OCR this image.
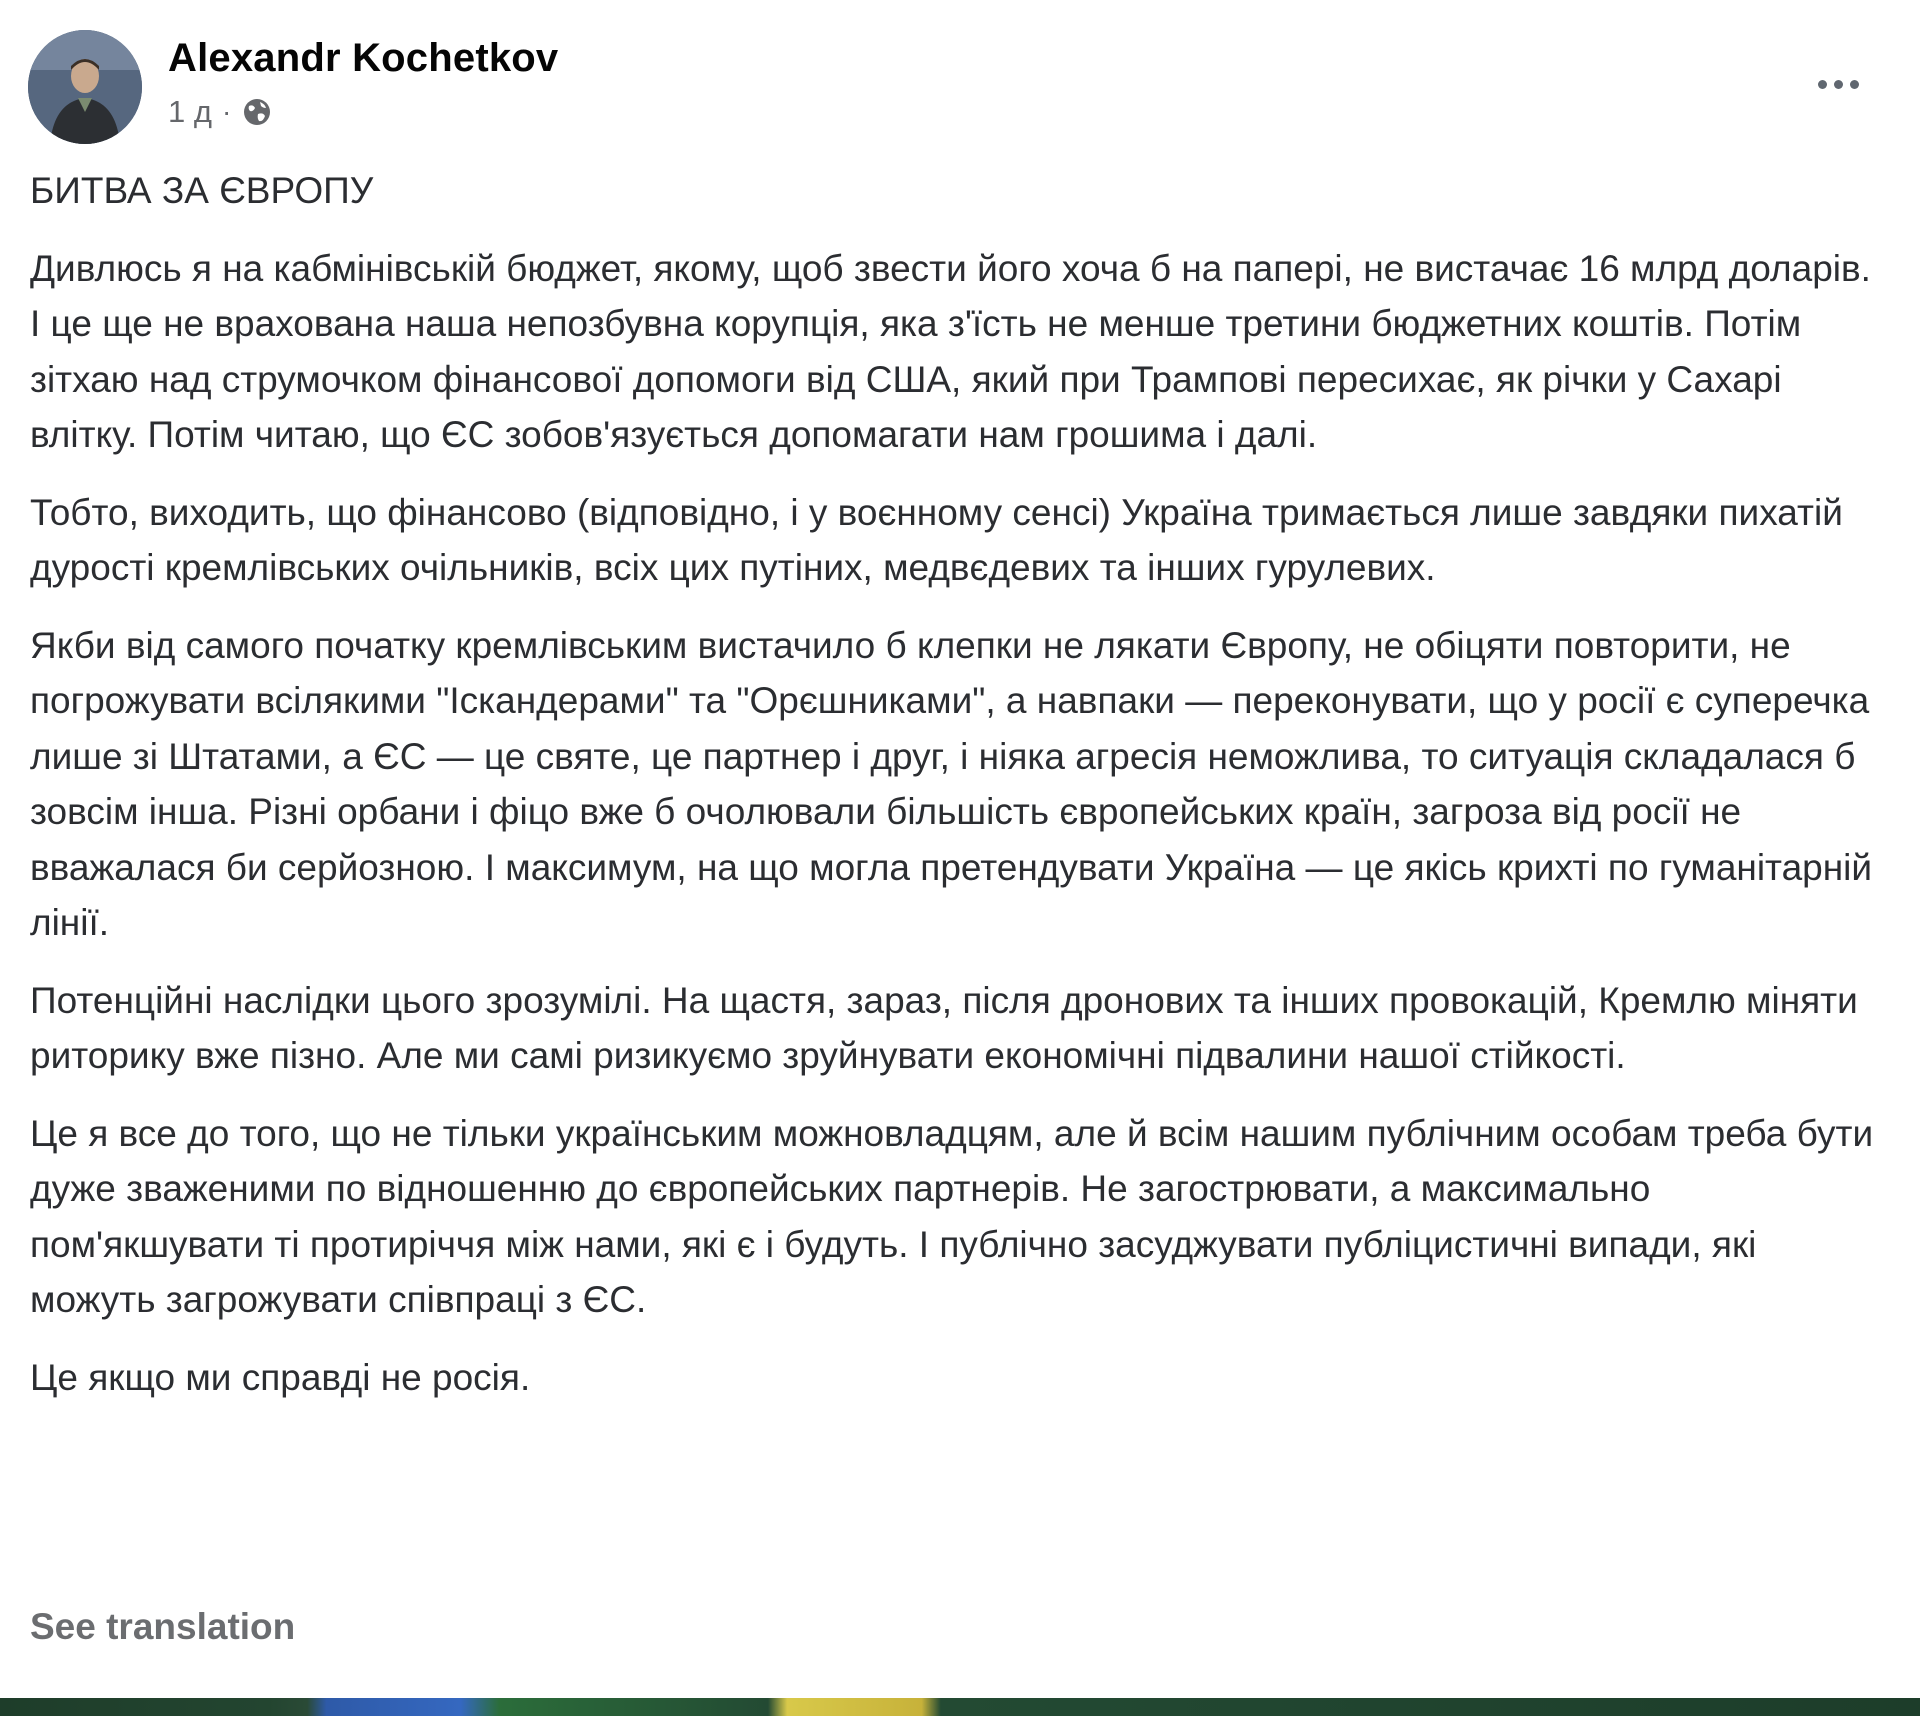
Alexandr Kochetkov
1 д ·

БИТВА ЗА ЄВРОПУ

Дивлюсь я на кабмінівській бюджет, якому, щоб звести його хоча б на папері, не вистачає 16 млрд доларів. І це ще не врахована наша непозбувна корупція, яка з'їсть не менше третини бюджетних коштів. Потім зітхаю над струмочком фінансової допомоги від США, який при Трампові пересихає, як річки у Сахарі влітку. Потім читаю, що ЄС зобов'язується допомагати нам грошима і далі.

Тобто, виходить, що фінансово (відповідно, і у воєнному сенсі) Україна тримається лише завдяки пихатій дурості кремлівських очільників, всіх цих путіних, медвєдевих та інших гурулевих.

Якби від самого початку кремлівським вистачило б клепки не лякати Європу, не обіцяти повторити, не погрожувати всілякими "Іскандерами" та "Орєшниками", а навпаки — переконувати, що у росії є суперечка лише зі Штатами, а ЄС — це святе, це партнер і друг, і ніяка агресія неможлива, то ситуація складалася б зовсім інша. Різні орбани і фіцо вже б очолювали більшість європейських країн, загроза від росії не вважалася би серйозною. І максимум, на що могла претендувати Україна — це якісь крихті по гуманітарній лінії.

Потенційні наслідки цього зрозумілі. На щастя, зараз, після дронових та інших провокацій, Кремлю міняти риторику вже пізно. Але ми самі ризикуємо зруйнувати економічні підвалини нашої стійкості.

Це я все до того, що не тільки українським можновладцям, але й всім нашим публічним особам треба бути дуже зваженими по відношенню до європейських партнерів. Не загострювати, а максимально пом'якшувати ті протиріччя між нами, які є і будуть. І публічно засуджувати публіцистичні випади, які можуть загрожувати співпраці з ЄС.

Це якщо ми справді не росія.

See translation
